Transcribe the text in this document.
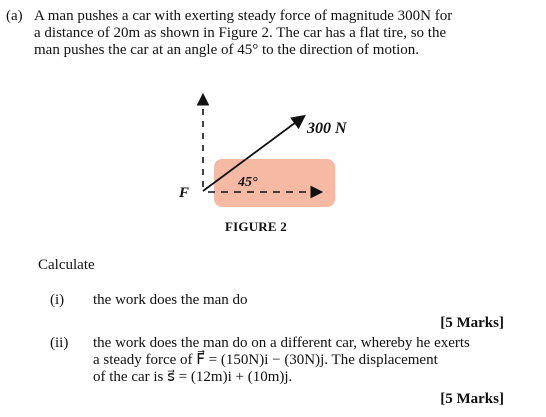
(a) A man pushes a car with exerting steady force of magnitude 300N for
a distance of 20m as shown in Figure 2. The car has a flat tire, so the
man pushes the car at an angle of 45° to the direction of motion.
F
45°
300 N
FIGURE 2
Calculate
(i) the work does the man do
[5 Marks]
(ii) the work does the man do on a different car, whereby he exerts
a steady force of F⃗ = (150N)i − (30N)j. The displacement
of the car is s⃗ = (12m)i + (10m)j.
[5 Marks]
